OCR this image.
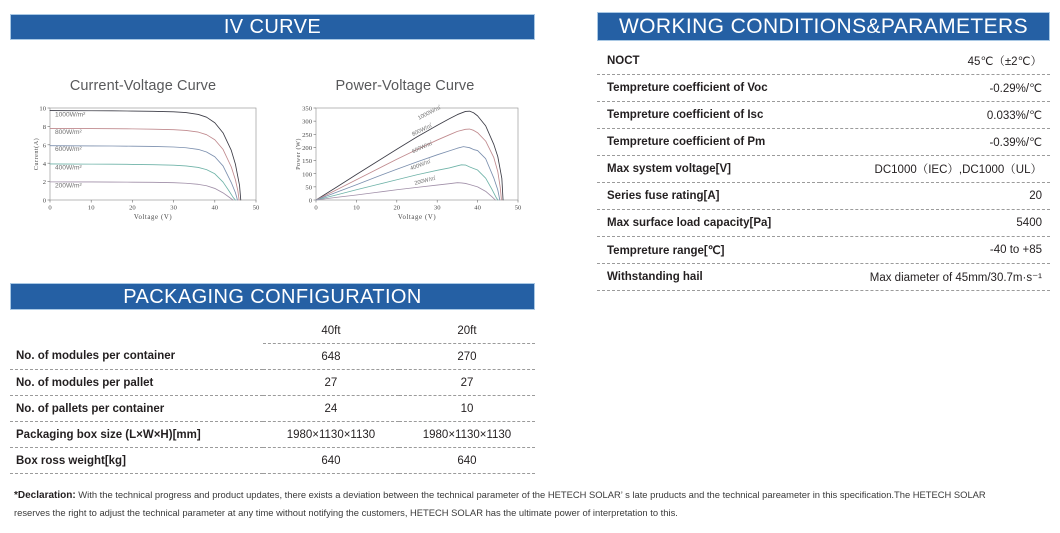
IV CURVE

Current-Voltage Curve

0
2
4
6
8
10
0	10	20	30	40	50
Voltage (V)
Current(A)
1000W/m²
800W/m²
600W/m²
400W/m²
200W/m²

Power-Voltage Curve

0
50
100
150
200
250
300
350
0	10	20	30	40	50
Voltage (V)
Power (W)
1000W/㎡
800W/㎡
600W/㎡
400W/㎡
200W/㎡
PACKAGING CONFIGURATION
	40ft	20ft
No. of modules per container	648	270
No. of modules per pallet	27	27
No. of pallets per container	24	10
Packaging box size (L×W×H)[mm]	1980×1130×1130	1980×1130×1130
Box ross weight[kg]	640	640
WORKING CONDITIONS&PARAMETERS
NOCT	45℃（±2℃）
Tempreture coefficient of Voc	-0.29%/℃
Tempreture coefficient of Isc	0.033%/℃
Tempreture coefficient of Pm	-0.39%/℃
Max system voltage[V]	DC1000（IEC）,DC1000（UL）
Series fuse rating[A]	20
Max surface load capacity[Pa]	5400
Tempreture range[℃]	-40 to +85
Withstanding hail	Max diameter of 45mm/30.7m·s⁻¹
*Declaration: With the technical progress and product updates, there exists a deviation between the technical parameter of the HETECH SOLAR’ s late pruducts and the technical pareameter in this specification.The HETECH SOLAR reserves the right to adjust the technical parameter at any time without notifying the customers, HETECH SOLAR has the ultimate power of interpretation to this.
